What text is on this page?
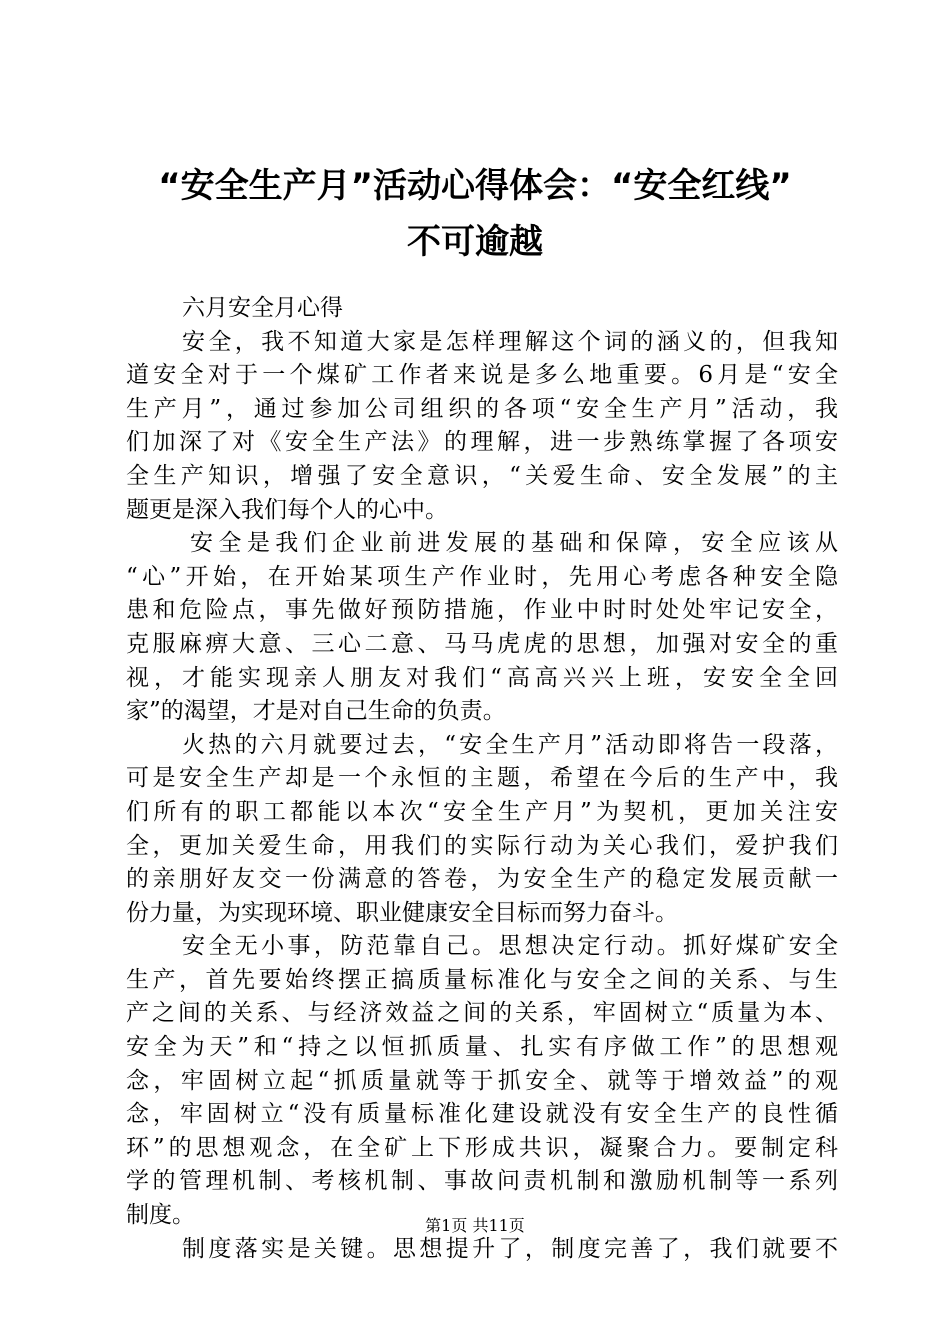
“安全生产月”活动心得体会：“安全红线”
不可逾越
六月安全月心得
安全，我不知道大家是怎样理解这个词的涵义的，但我知
道安全对于一个煤矿工作者来说是多么地重要。6月是“安全
生产月”，通过参加公司组织的各项“安全生产月”活动，我
们加深了对《安全生产法》的理解，进一步熟练掌握了各项安
全生产知识，增强了安全意识，“关爱生命、安全发展”的主
题更是深入我们每个人的心中。
安全是我们企业前进发展的基础和保障，安全应该从
“心”开始，在开始某项生产作业时，先用心考虑各种安全隐
患和危险点，事先做好预防措施，作业中时时处处牢记安全，
克服麻痹大意、三心二意、马马虎虎的思想，加强对安全的重
视，才能实现亲人朋友对我们“高高兴兴上班，安安全全回
家”的渴望，才是对自己生命的负责。
火热的六月就要过去，“安全生产月”活动即将告一段落，
可是安全生产却是一个永恒的主题，希望在今后的生产中，我
们所有的职工都能以本次“安全生产月”为契机，更加关注安
全，更加关爱生命，用我们的实际行动为关心我们，爱护我们
的亲朋好友交一份满意的答卷，为安全生产的稳定发展贡献一
份力量，为实现环境、职业健康安全目标而努力奋斗。
安全无小事，防范靠自己。思想决定行动。抓好煤矿安全
生产，首先要始终摆正搞质量标准化与安全之间的关系、与生
产之间的关系、与经济效益之间的关系，牢固树立“质量为本、
安全为天”和“持之以恒抓质量、扎实有序做工作”的思想观
念，牢固树立起“抓质量就等于抓安全、就等于增效益”的观
念，牢固树立“没有质量标准化建设就没有安全生产的良性循
环”的思想观念，在全矿上下形成共识，凝聚合力。要制定科
学的管理机制、考核机制、事故问责机制和激励机制等一系列
制度。
制度落实是关键。思想提升了，制度完善了，我们就要不
第1页 共11页
